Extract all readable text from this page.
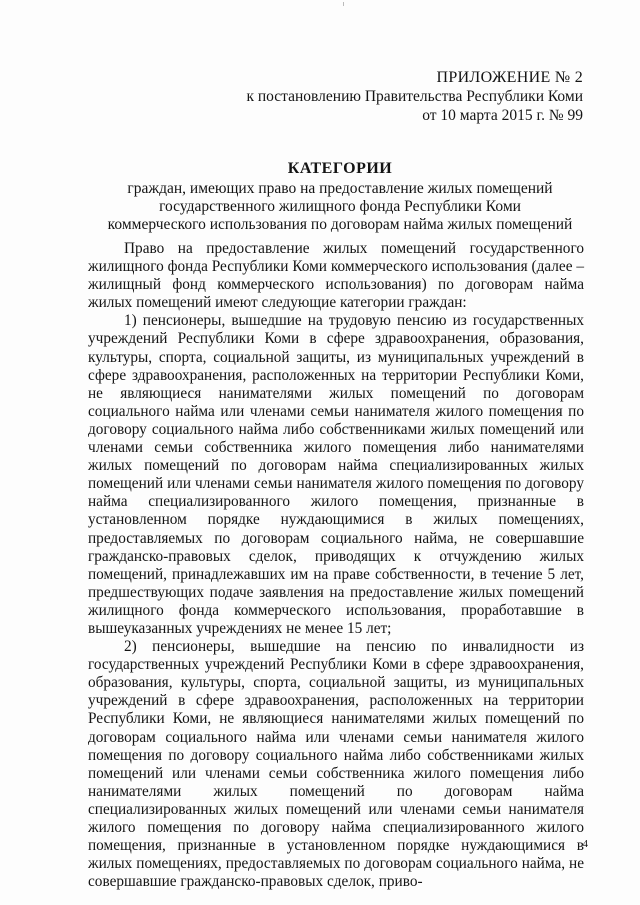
ПРИЛОЖЕНИЕ № 2
к постановлению Правительства Республики Коми
от 10 марта 2015 г. № 99
КАТЕГОРИИ
граждан, имеющих право на предоставление жилых помещений
государственного жилищного фонда Республики Коми
коммерческого использования по договорам найма жилых помещений

Право на предоставление жилых помещений государственного жилищного фонда Республики Коми коммерческого использования (далее – жилищный фонд коммерческого использования) по договорам найма жилых помещений имеют следующие категории граждан:

1) пенсионеры, вышедшие на трудовую пенсию из государственных учреждений Республики Коми в сфере здравоохранения, образования, культуры, спорта, социальной защиты, из муниципальных учреждений в сфере здравоохранения, расположенных на территории Республики Коми, не являющиеся нанимателями жилых помещений по договорам социального найма или членами семьи нанимателя жилого помещения по договору социального найма либо собственниками жилых помещений или членами семьи собственника жилого помещения либо нанимателями жилых помещений по договорам найма специализированных жилых помещений или членами семьи нанимателя жилого помещения по договору найма специализированного жилого помещения, признанные в установленном порядке нуждающимися в жилых помещениях, предоставляемых по договорам социального найма, не совершавшие гражданско-правовых сделок, приводящих к отчуждению жилых помещений, принадлежавших им на праве собственности, в течение 5 лет, предшествующих подаче заявления на предоставление жилых помещений жилищного фонда коммерческого использования, проработавшие в вышеуказанных учреждениях не менее 15 лет;

2) пенсионеры, вышедшие на пенсию по инвалидности из государственных учреждений Республики Коми в сфере здравоохранения, образования, культуры, спорта, социальной защиты, из муниципальных учреждений в сфере здравоохранения, расположенных на территории Республики Коми, не являющиеся нанимателями жилых помещений по договорам социального найма или членами семьи нанимателя жилого помещения по договору социального найма либо собственниками жилых помещений или членами семьи собственника жилого помещения либо нанимателями жилых помещений по договорам найма специализированных жилых помещений или членами семьи нанимателя жилого помещения по договору найма специализированного жилого помещения, признанные в установленном порядке нуждающимися в жилых помещениях, предоставляемых по договорам социального найма, не совершавшие гражданско-правовых сделок, приво-

4
